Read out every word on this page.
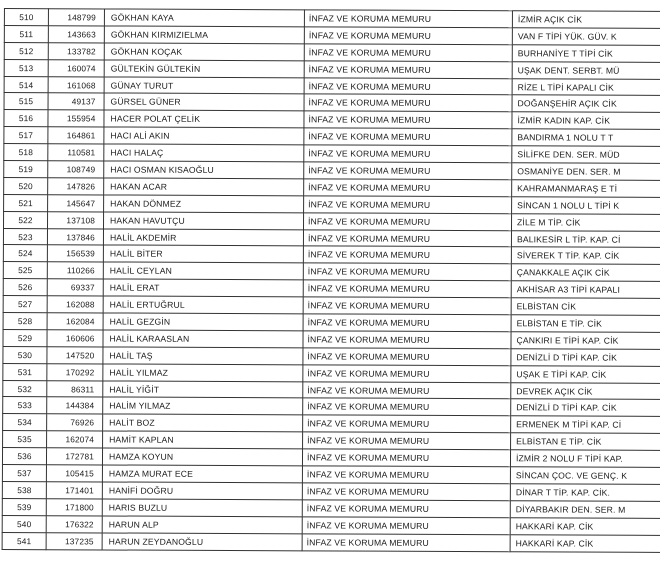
510	148799	GÖKHAN KAYA	İNFAZ VE KORUMA MEMURU	İZMİR AÇIK CİK
511	143663	GÖKHAN KIRMIZIELMA	İNFAZ VE KORUMA MEMURU	VAN F TİPİ YÜK. GÜV. K
512	133782	GÖKHAN KOÇAK	İNFAZ VE KORUMA MEMURU	BURHANİYE T TİPİ CİK
513	160074	GÜLTEKİN GÜLTEKİN	İNFAZ VE KORUMA MEMURU	UŞAK DENT. SERBT. MÜ
514	161068	GÜNAY TURUT	İNFAZ VE KORUMA MEMURU	RİZE L TİPİ KAPALI CİK
515	49137	GÜRSEL GÜNER	İNFAZ VE KORUMA MEMURU	DOĞANŞEHİR AÇIK CİK
516	155954	HACER POLAT ÇELİK	İNFAZ VE KORUMA MEMURU	İZMİR KADIN KAP. CİK
517	164861	HACI ALİ AKIN	İNFAZ VE KORUMA MEMURU	BANDIRMA 1 NOLU T T
518	110581	HACI HALAÇ	İNFAZ VE KORUMA MEMURU	SİLİFKE DEN. SER. MÜD
519	108749	HACI OSMAN KISAOĞLU	İNFAZ VE KORUMA MEMURU	OSMANİYE DEN. SER. M
520	147826	HAKAN ACAR	İNFAZ VE KORUMA MEMURU	KAHRAMANMARAŞ E Tİ
521	145647	HAKAN DÖNMEZ	İNFAZ VE KORUMA MEMURU	SİNCAN 1 NOLU L TİPİ K
522	137108	HAKAN HAVUTÇU	İNFAZ VE KORUMA MEMURU	ZİLE M TİP. CİK
523	137846	HALİL AKDEMİR	İNFAZ VE KORUMA MEMURU	BALIKESİR L TİP. KAP. Cİ
524	156539	HALİL BİTER	İNFAZ VE KORUMA MEMURU	SİVEREK T TİP. KAP. CİK
525	110266	HALİL CEYLAN	İNFAZ VE KORUMA MEMURU	ÇANAKKALE AÇIK CİK
526	69337	HALİL ERAT	İNFAZ VE KORUMA MEMURU	AKHİSAR A3 TİPİ KAPALI
527	162088	HALİL ERTUĞRUL	İNFAZ VE KORUMA MEMURU	ELBİSTAN CİK
528	162084	HALİL GEZGİN	İNFAZ VE KORUMA MEMURU	ELBİSTAN E TİP. CİK
529	160606	HALİL KARAASLAN	İNFAZ VE KORUMA MEMURU	ÇANKIRI E TİPİ KAP. CİK
530	147520	HALİL TAŞ	İNFAZ VE KORUMA MEMURU	DENİZLİ D TİPİ KAP. CİK
531	170292	HALİL YILMAZ	İNFAZ VE KORUMA MEMURU	UŞAK E TİPİ KAP. CİK
532	86311	HALİL YİĞİT	İNFAZ VE KORUMA MEMURU	DEVREK AÇIK CİK
533	144384	HALİM YILMAZ	İNFAZ VE KORUMA MEMURU	DENİZLİ D TİPİ KAP. CİK
534	76926	HALİT BOZ	İNFAZ VE KORUMA MEMURU	ERMENEK M TİPİ KAP. Cİ
535	162074	HAMİT KAPLAN	İNFAZ VE KORUMA MEMURU	ELBİSTAN E TİP. CİK
536	172781	HAMZA KOYUN	İNFAZ VE KORUMA MEMURU	İZMİR 2 NOLU F TİPİ KAP.
537	105415	HAMZA MURAT ECE	İNFAZ VE KORUMA MEMURU	SİNCAN ÇOC. VE GENÇ. K
538	171401	HANİFİ DOĞRU	İNFAZ VE KORUMA MEMURU	DİNAR T TİP. KAP. CİK.
539	171800	HARIS BUZLU	İNFAZ VE KORUMA MEMURU	DİYARBAKIR DEN. SER. M
540	176322	HARUN ALP	İNFAZ VE KORUMA MEMURU	HAKKARİ KAP. CİK
541	137235	HARUN ZEYDANOĞLU	İNFAZ VE KORUMA MEMURU	HAKKARİ KAP. CİK
